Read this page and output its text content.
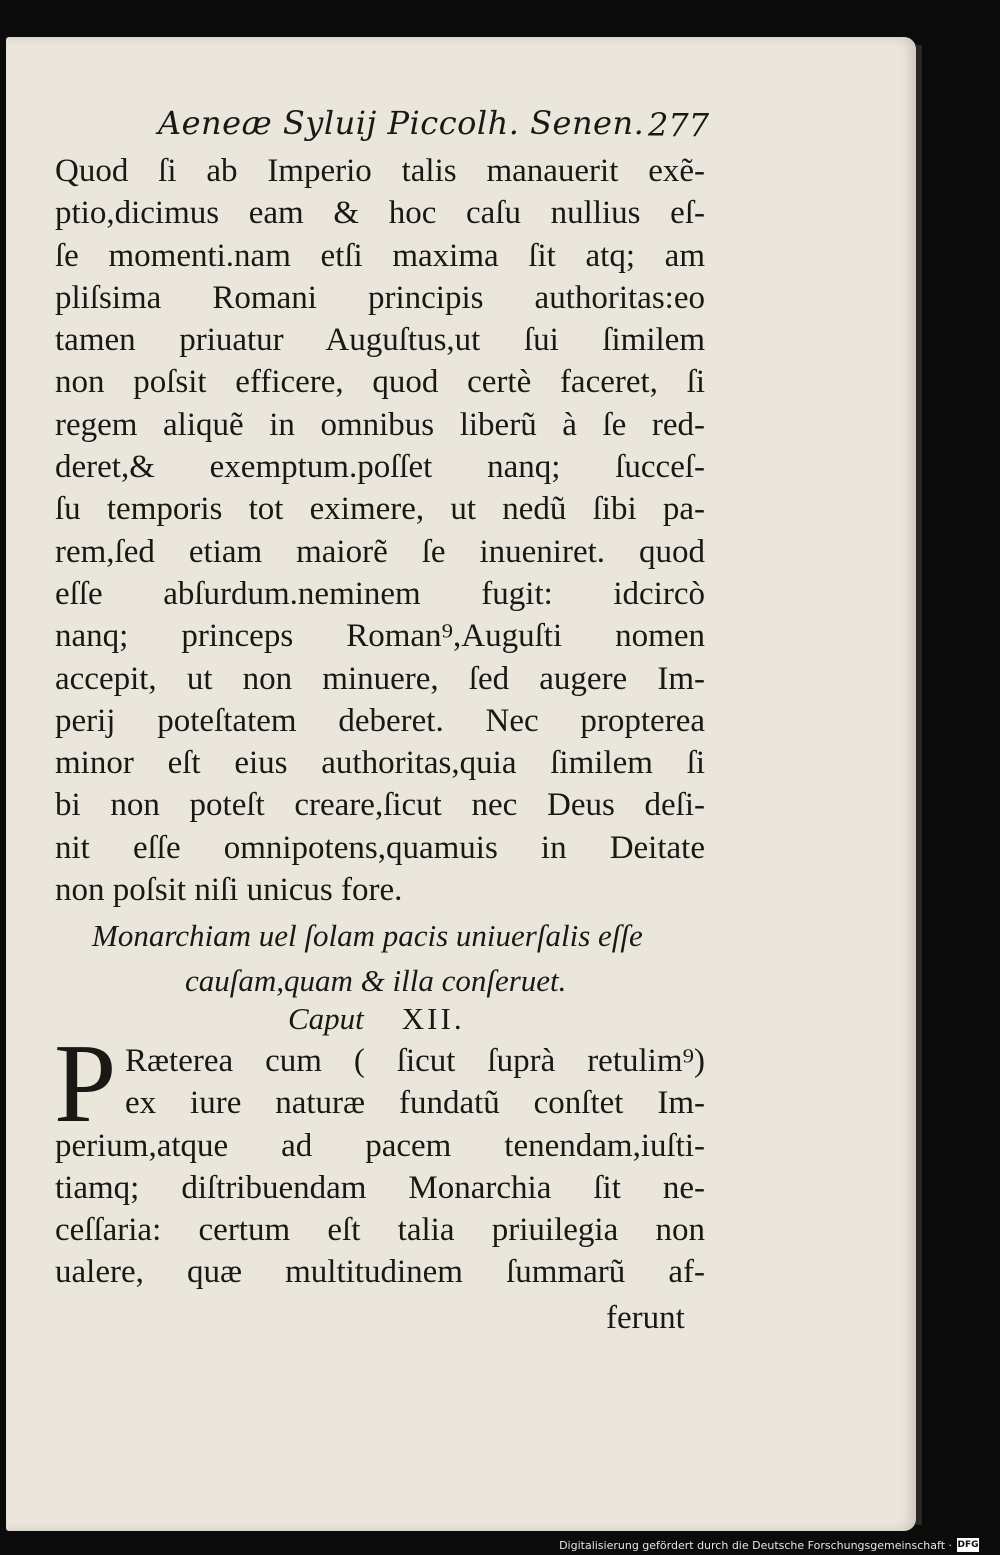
Aeneæ Syluij Piccolh. Senen. 277
Quod ſi ab Imperio talis manauerit exẽ-
ptio,dicimus eam & hoc caſu nullius eſ-
ſe momenti.nam etſi maxima ſit atq; am
pliſsima Romani principis authoritas:eo
tamen priuatur Auguſtus,ut ſui ſimilem
non poſsit efficere, quod certè faceret, ſi
regem aliquẽ in omnibus liberũ à ſe red-
deret,& exemptum.poſſet nanq; ſucceſ-
ſu temporis tot eximere, ut nedũ ſibi pa-
rem,ſed etiam maiorẽ ſe inueniret. quod
eſſe abſurdum.neminem fugit: idcircò
nanq; princeps Roman⁹,Auguſti nomen
accepit, ut non minuere, ſed augere Im-
perij poteſtatem deberet. Nec propterea
minor eſt eius authoritas,quia ſimilem ſi
bi non poteſt creare,ſicut nec Deus deſi-
nit eſſe omnipotens,quamuis in Deitate
non poſsit niſi unicus fore.
Monarchiam uel ſolam pacis uniuerſalis eſſe
cauſam,quam & illa conſeruet.
Caput XII.
P Ræterea cum ( ſicut ſuprà retulim⁹)
ex iure naturæ fundatũ conſtet Im-
perium,atque ad pacem tenendam,iuſti-
tiamq; diſtribuendam Monarchia ſit ne-
ceſſaria: certum eſt talia priuilegia non
ualere, quæ multitudinem ſummarũ af-
ferunt
Digitalisierung gefördert durch die Deutsche Forschungsgemeinschaft · DFG
